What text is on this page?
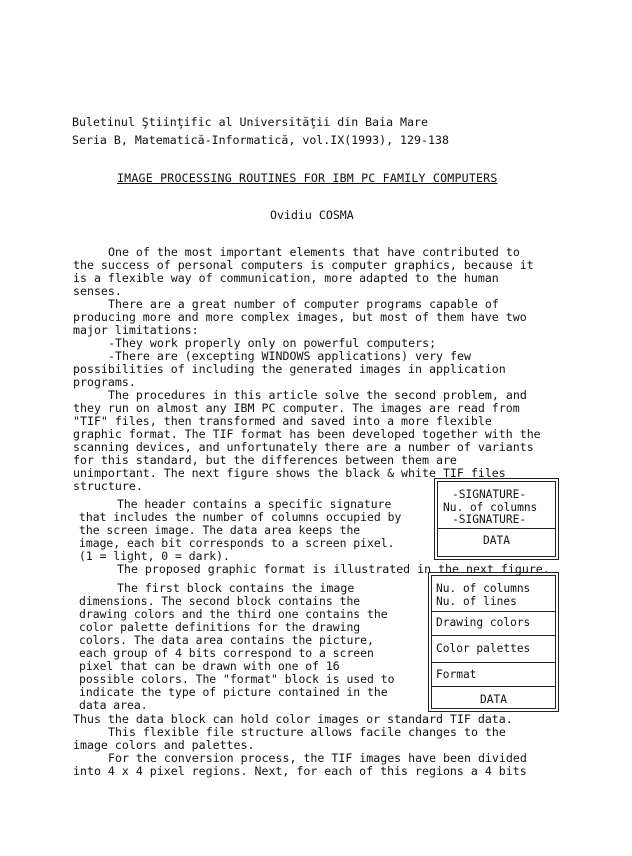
Buletinul Ştiinţific al Universităţii din Baia Mare
Seria B, Matematică-Informatică, vol.IX(1993), 129-138
IMAGE PROCESSING ROUTINES FOR IBM PC FAMILY COMPUTERS
Ovidiu COSMA
One of the most important elements that have contributed to
the success of personal computers is computer graphics, because it
is a flexible way of communication, more adapted to the human
senses.
There are a great number of computer programs capable of
producing more and more complex images, but most of them have two
major limitations:
-They work properly only on powerful computers;
-There are (excepting WINDOWS applications) very few
possibilities of including the generated images in application
programs.
The procedures in this article solve the second problem, and
they run on almost any IBM PC computer. The images are read from
"TIF" files, then transformed and saved into a more flexible
graphic format. The TIF format has been developed together with the
scanning devices, and unfortunately there are a number of variants
for this standard, but the differences between them are
unimportant. The next figure shows the black & white TIF files
structure.
The header contains a specific signature
that includes the number of columns occupied by
the screen image. The data area keeps the
image, each bit corresponds to a screen pixel.
(1 = light, 0 = dark).
-SIGNATURE-
Nu. of columns
-SIGNATURE-
DATA
The proposed graphic format is illustrated in the next figure.
The first block contains the image
dimensions. The second block contains the
drawing colors and the third one contains the
color palette definitions for the drawing
colors. The data area contains the picture,
each group of 4 bits correspond to a screen
pixel that can be drawn with one of 16
possible colors. The "format" block is used to
indicate the type of picture contained in the
data area.
Nu. of columns
Nu. of lines
Drawing colors
Color palettes
Format
DATA
Thus the data block can hold color images or standard TIF data.
This flexible file structure allows facile changes to the
image colors and palettes.
For the conversion process, the TIF images have been divided
into 4 x 4 pixel regions. Next, for each of this regions a 4 bits
